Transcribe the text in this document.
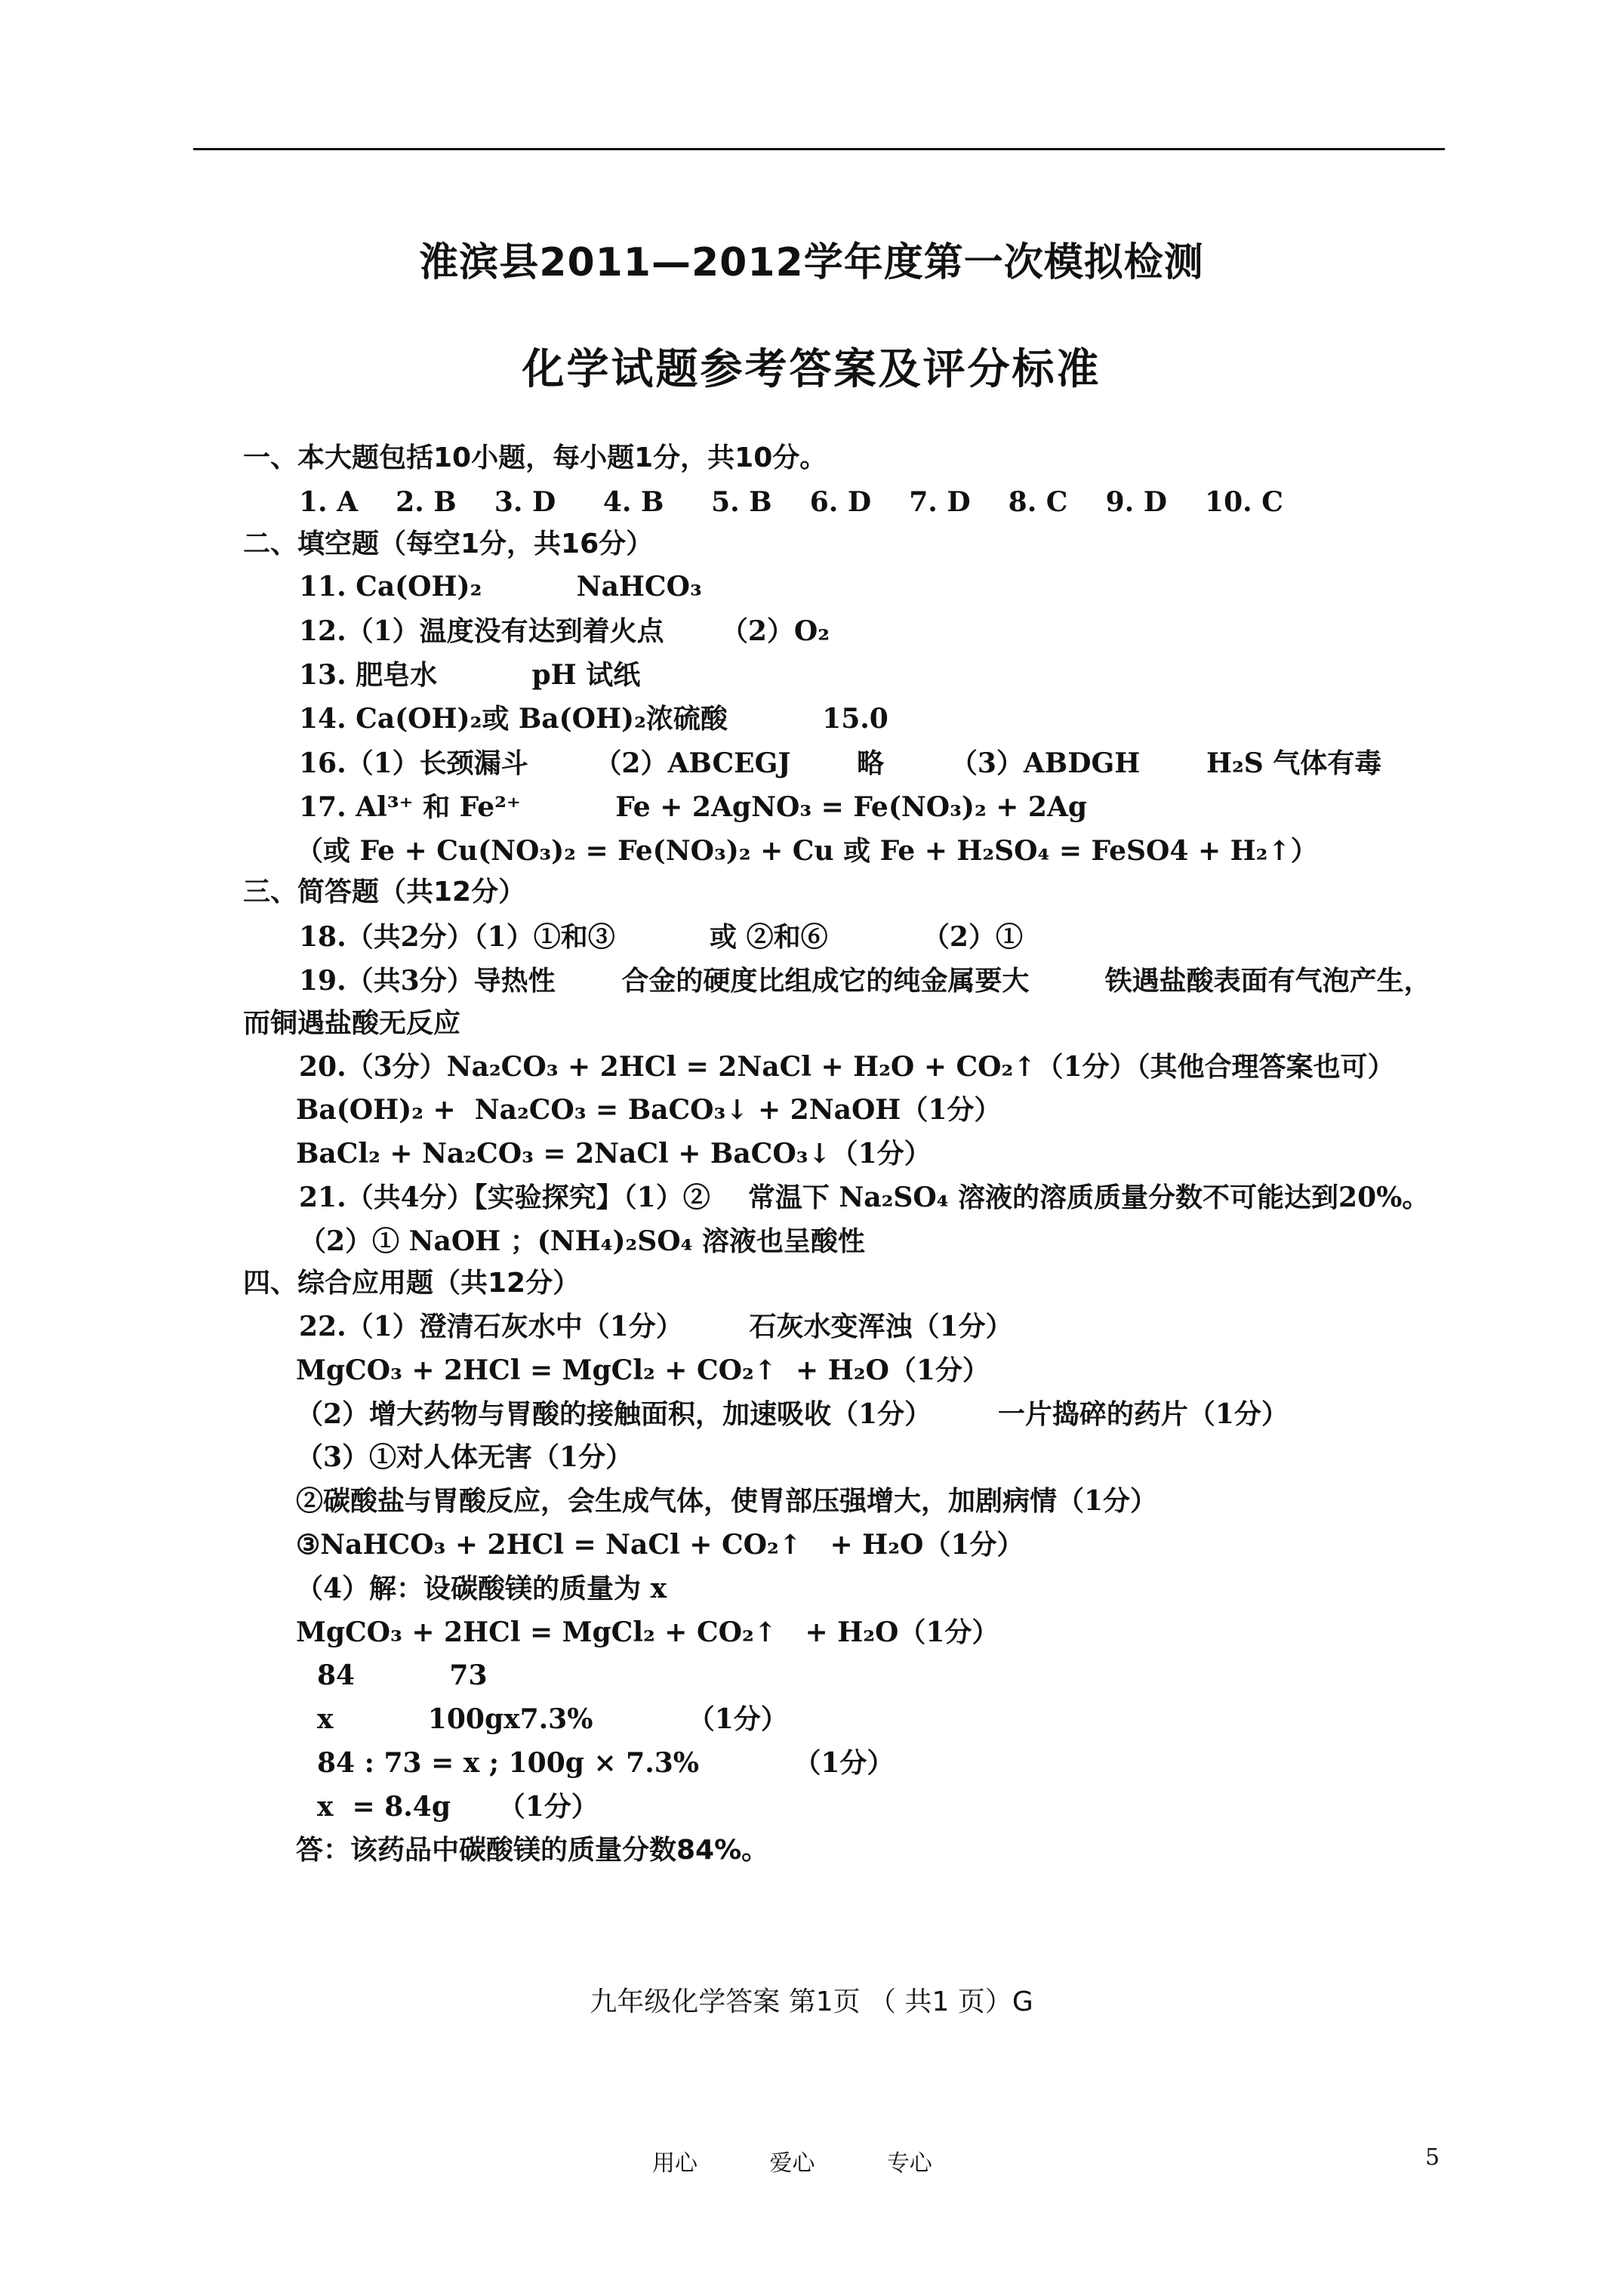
淮滨县2011—2012学年度第一次模拟检测
化学试题参考答案及评分标准
一、本大题包括10小题，每小题1分，共10分。
1. A    2. B    3. D     4. B     5. B    6. D    7. D    8. C    9. D    10. C
二、填空题（每空1分，共16分）
11. Ca(OH)₂          NaHCO₃
12.（1）温度没有达到着火点      （2）O₂
13. 肥皂水          pH 试纸
14. Ca(OH)₂或 Ba(OH)₂浓硫酸          15.0
16.（1）长颈漏斗       （2）ABCEGJ       略       （3）ABDGH       H₂S 气体有毒
17. Al³⁺ 和 Fe²⁺          Fe + 2AgNO₃ = Fe(NO₃)₂ + 2Ag
（或 Fe + Cu(NO₃)₂ = Fe(NO₃)₂ + Cu 或 Fe + H₂SO₄ = FeSO4 + H₂↑）
三、简答题（共12分）
18.（共2分）（1）①和③          或 ②和⑥          （2）①
19.（共3分）导热性       合金的硬度比组成它的纯金属要大        铁遇盐酸表面有气泡产生，
而铜遇盐酸无反应
20.（3分）Na₂CO₃ + 2HCl = 2NaCl + H₂O + CO₂↑（1分）（其他合理答案也可）
Ba(OH)₂ +  Na₂CO₃ = BaCO₃↓ + 2NaOH（1分）
BaCl₂ + Na₂CO₃ = 2NaCl + BaCO₃↓（1分）
21.（共4分）【实验探究】（1）②    常温下 Na₂SO₄ 溶液的溶质质量分数不可能达到20%。
（2）① NaOH ；(NH₄)₂SO₄ 溶液也呈酸性
四、综合应用题（共12分）
22.（1）澄清石灰水中（1分）       石灰水变浑浊（1分）
MgCO₃ + 2HCl = MgCl₂ + CO₂↑  + H₂O（1分）
（2）增大药物与胃酸的接触面积，加速吸收（1分）       一片捣碎的药片（1分）
（3）①对人体无害（1分）
②碳酸盐与胃酸反应，会生成气体，使胃部压强增大，加剧病情（1分）
③NaHCO₃ + 2HCl = NaCl + CO₂↑   + H₂O（1分）
（4）解：设碳酸镁的质量为 x
MgCO₃ + 2HCl = MgCl₂ + CO₂↑   + H₂O（1分）
84          73
x          100gx7.3%          （1分）
84 : 73 = x ; 100g × 7.3%          （1分）
x  = 8.4g     （1分）
答：该药品中碳酸镁的质量分数84%。
九年级化学答案 第1页 （ 共1 页）G
用心          爱心          专心	5
